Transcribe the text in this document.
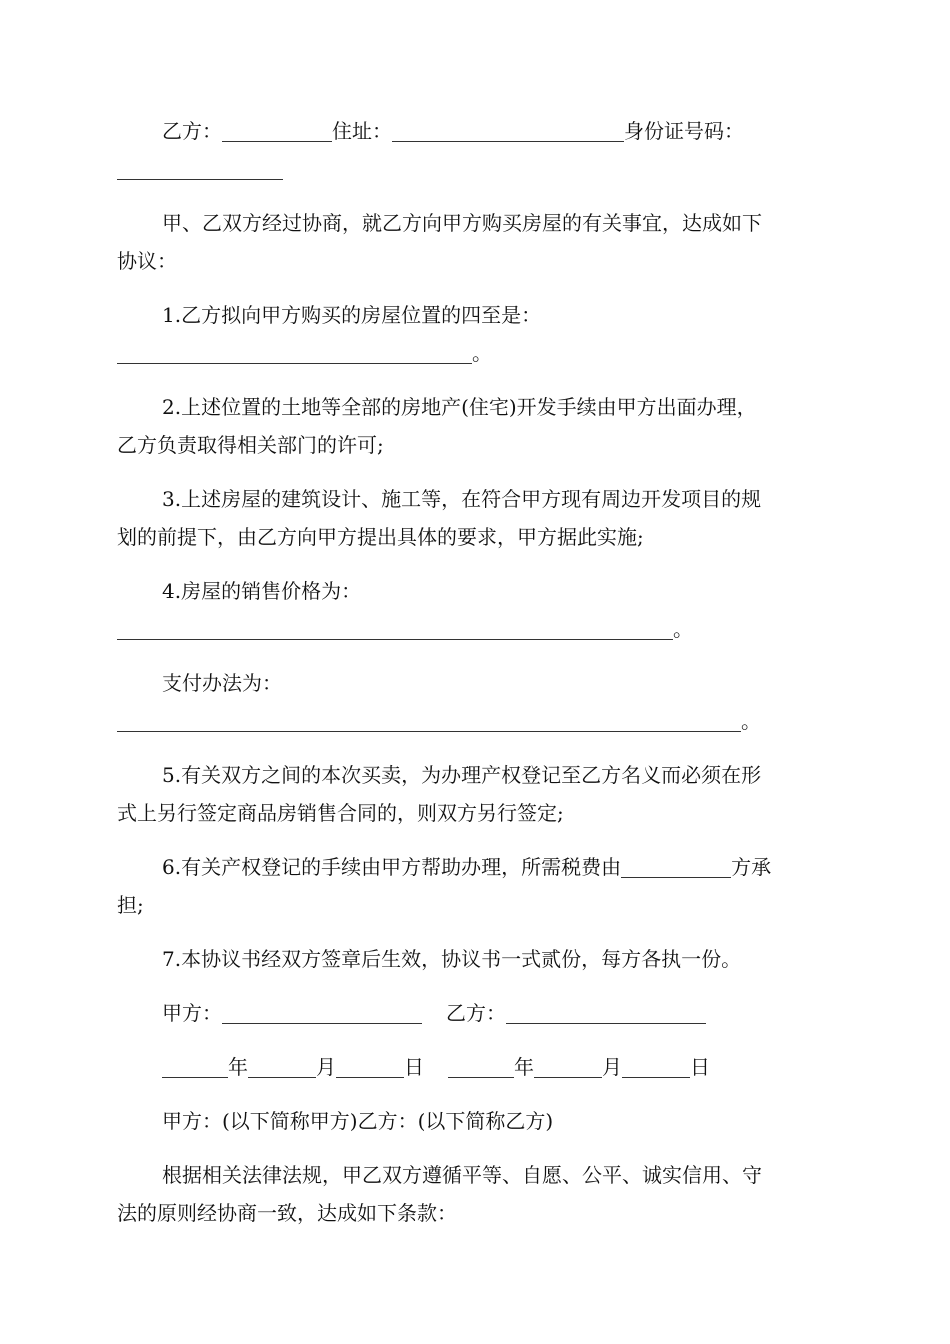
乙方：	住址：	身份证号码：
甲、乙双方经过协商，就乙方向甲方购买房屋的有关事宜，达成如下
协议：
1.乙方拟向甲方购买的房屋位置的四至是：
。
2.上述位置的土地等全部的房地产(住宅)开发手续由甲方出面办理，
乙方负责取得相关部门的许可;
3.上述房屋的建筑设计、施工等，在符合甲方现有周边开发项目的规
划的前提下，由乙方向甲方提出具体的要求，甲方据此实施;
4.房屋的销售价格为：
。
支付办法为：
。
5.有关双方之间的本次买卖，为办理产权登记至乙方名义而必须在形
式上另行签定商品房销售合同的，则双方另行签定;
6.有关产权登记的手续由甲方帮助办理，所需税费由	方承
担;
7.本协议书经双方签章后生效，协议书一式贰份，每方各执一份。
甲方：	乙方：
年	月	日	年	月	日
甲方：(以下简称甲方)乙方：(以下简称乙方)
根据相关法律法规，甲乙双方遵循平等、自愿、公平、诚实信用、守
法的原则经协商一致，达成如下条款：
